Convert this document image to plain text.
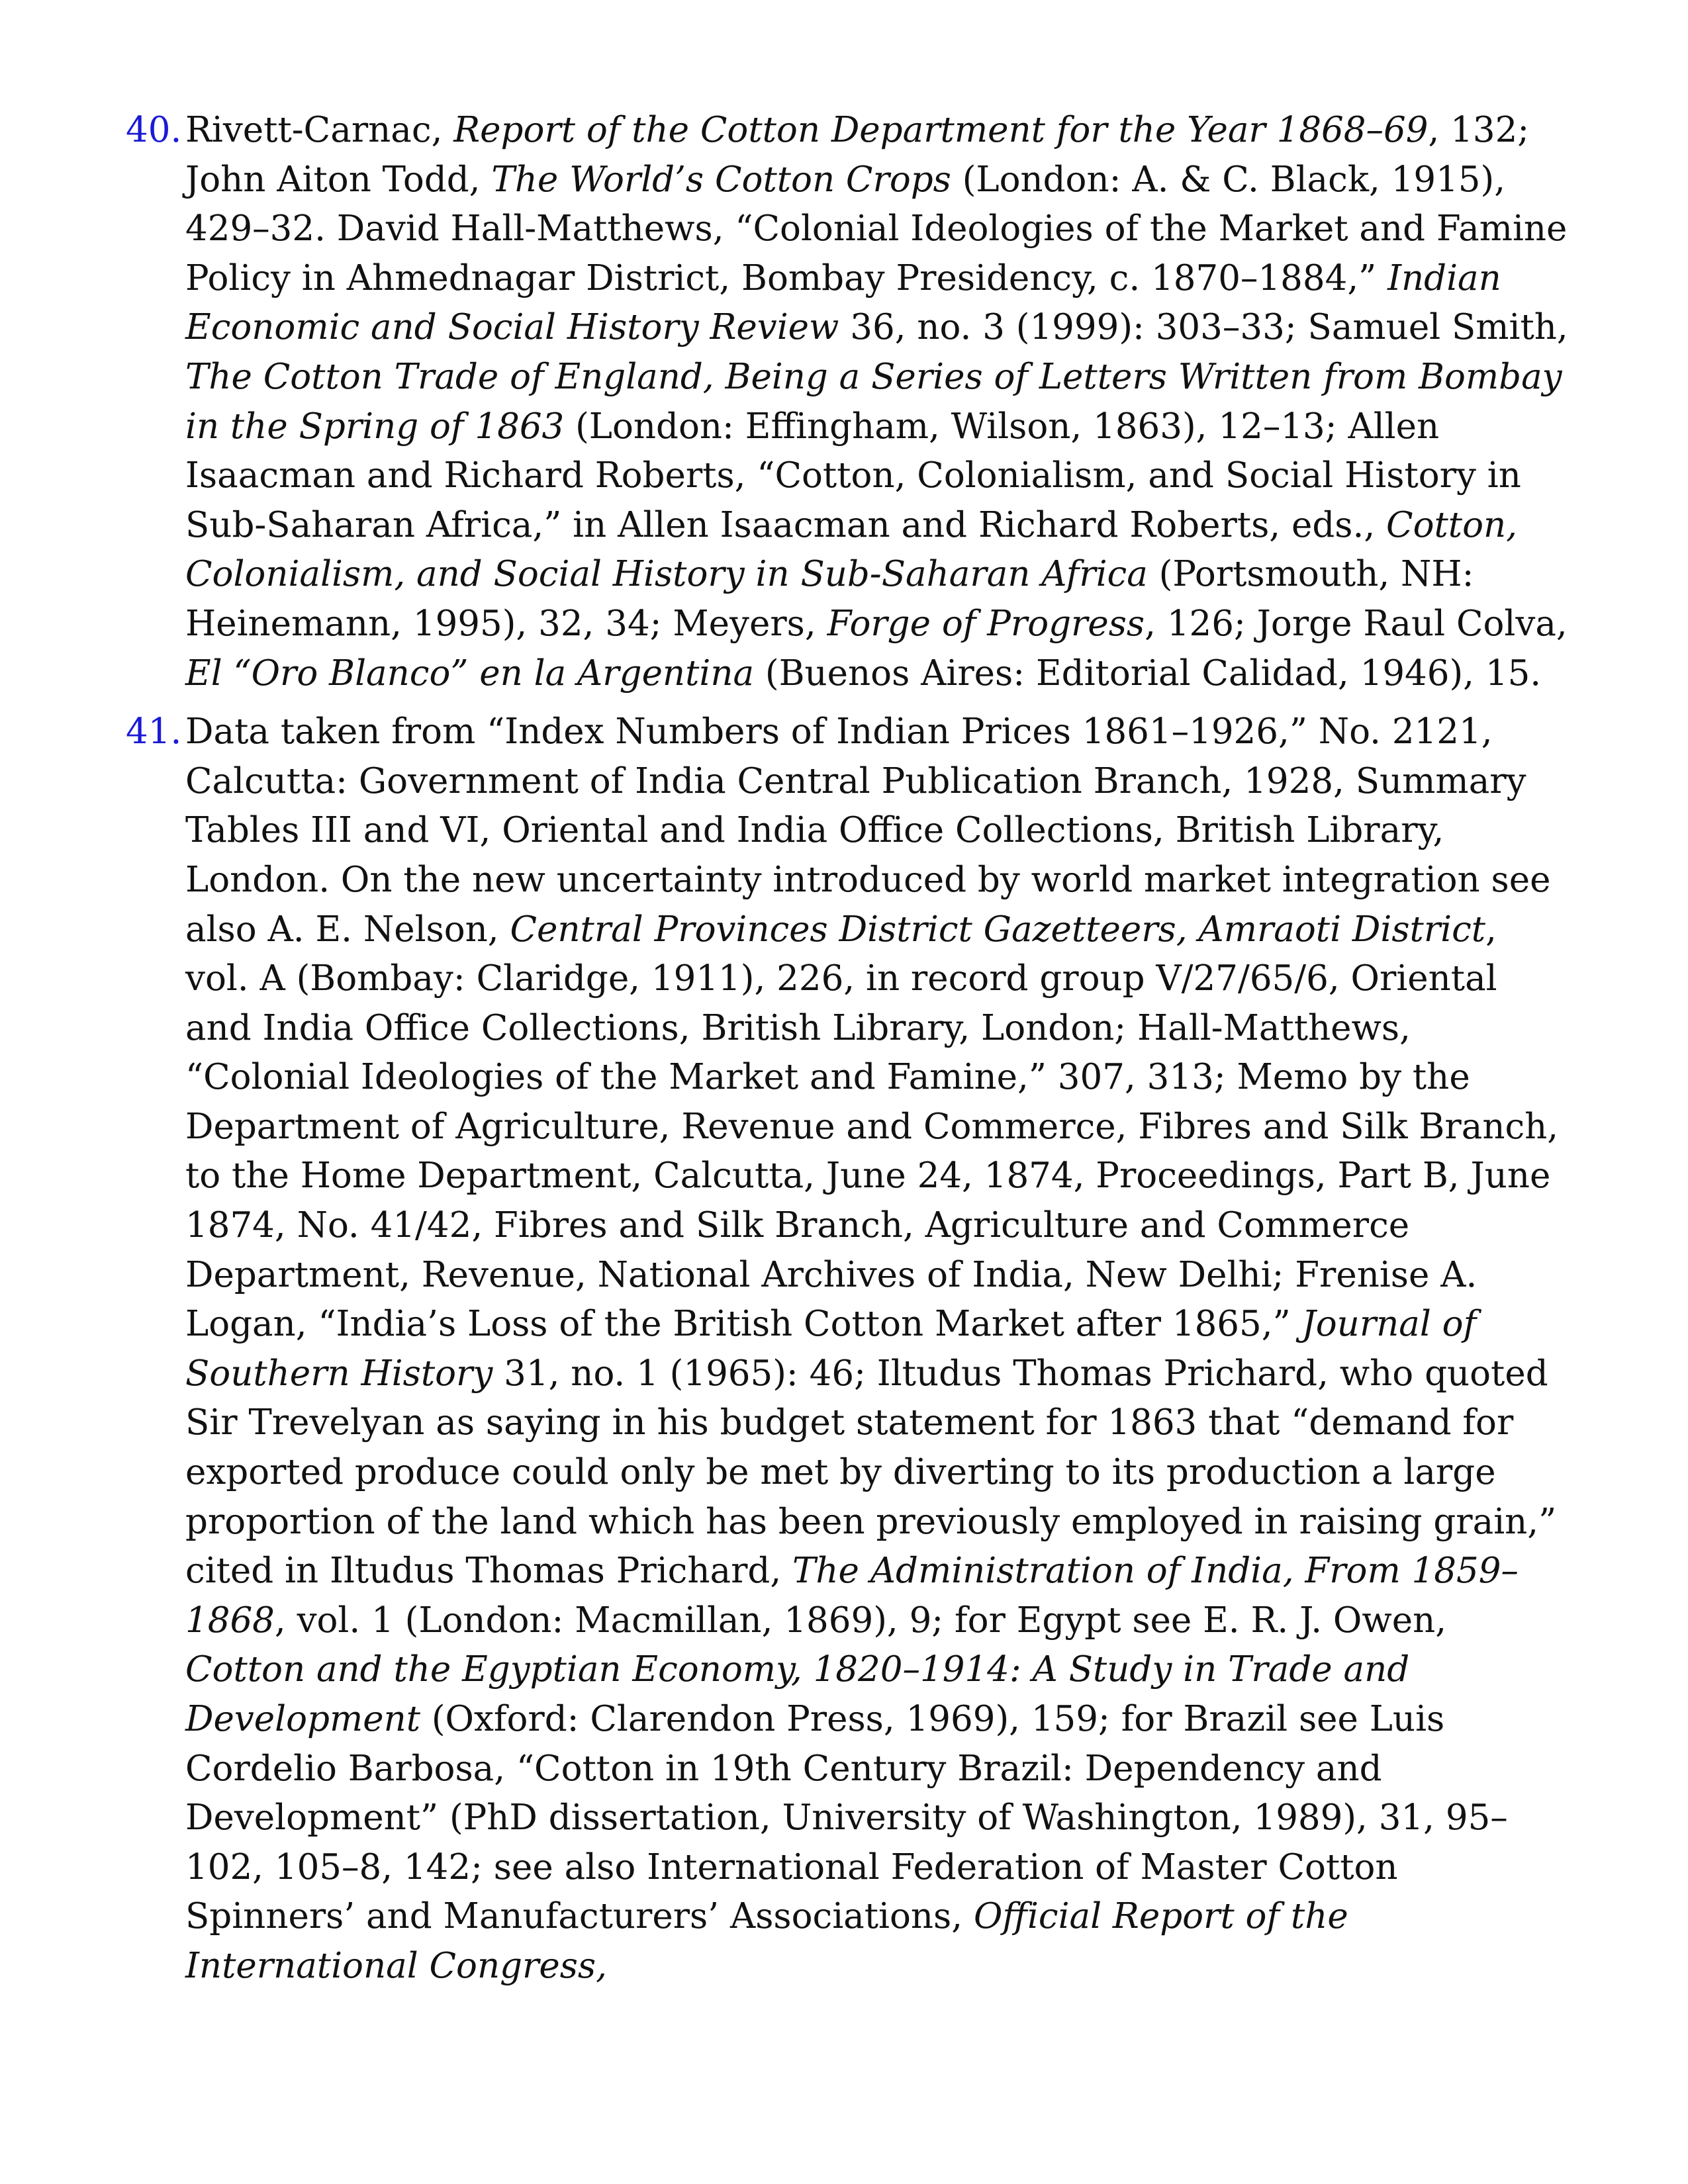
40. Rivett-Carnac, Report of the Cotton Department for the Year 1868–69, 132; John Aiton Todd, The World’s Cotton Crops (London: A. & C. Black, 1915), 429–32. David Hall-Matthews, “Colonial Ideologies of the Market and Famine Policy in Ahmednagar District, Bombay Presidency, c. 1870–1884,” Indian Economic and Social History Review 36, no. 3 (1999): 303–33; Samuel Smith, The Cotton Trade of England, Being a Series of Letters Written from Bombay in the Spring of 1863 (London: Effingham, Wilson, 1863), 12–13; Allen Isaacman and Richard Roberts, “Cotton, Colonialism, and Social History in Sub-Saharan Africa,” in Allen Isaacman and Richard Roberts, eds., Cotton, Colonialism, and Social History in Sub-Saharan Africa (Portsmouth, NH: Heinemann, 1995), 32, 34; Meyers, Forge of Progress, 126; Jorge Raul Colva, El “Oro Blanco” en la Argentina (Buenos Aires: Editorial Calidad, 1946), 15.
41. Data taken from “Index Numbers of Indian Prices 1861–1926,” No. 2121, Calcutta: Government of India Central Publication Branch, 1928, Summary Tables III and VI, Oriental and India Office Collections, British Library, London. On the new uncertainty introduced by world market integration see also A. E. Nelson, Central Provinces District Gazetteers, Amraoti District, vol. A (Bombay: Claridge, 1911), 226, in record group V/27/65/6, Oriental and India Office Collections, British Library, London; Hall-Matthews, “Colonial Ideologies of the Market and Famine,” 307, 313; Memo by the Department of Agriculture, Revenue and Commerce, Fibres and Silk Branch, to the Home Department, Calcutta, June 24, 1874, Proceedings, Part B, June 1874, No. 41/42, Fibres and Silk Branch, Agriculture and Commerce Department, Revenue, National Archives of India, New Delhi; Frenise A. Logan, “India’s Loss of the British Cotton Market after 1865,” Journal of Southern History 31, no. 1 (1965): 46; Iltudus Thomas Prichard, who quoted Sir Trevelyan as saying in his budget statement for 1863 that “demand for exported produce could only be met by diverting to its production a large proportion of the land which has been previously employed in raising grain,” cited in Iltudus Thomas Prichard, The Administration of India, From 1859–1868, vol. 1 (London: Macmillan, 1869), 9; for Egypt see E. R. J. Owen, Cotton and the Egyptian Economy, 1820–1914: A Study in Trade and Development (Oxford: Clarendon Press, 1969), 159; for Brazil see Luis Cordelio Barbosa, “Cotton in 19th Century Brazil: Dependency and Development” (PhD dissertation, University of Washington, 1989), 31, 95–102, 105–8, 142; see also International Federation of Master Cotton Spinners’ and Manufacturers’ Associations, Official Report of the International Congress,
